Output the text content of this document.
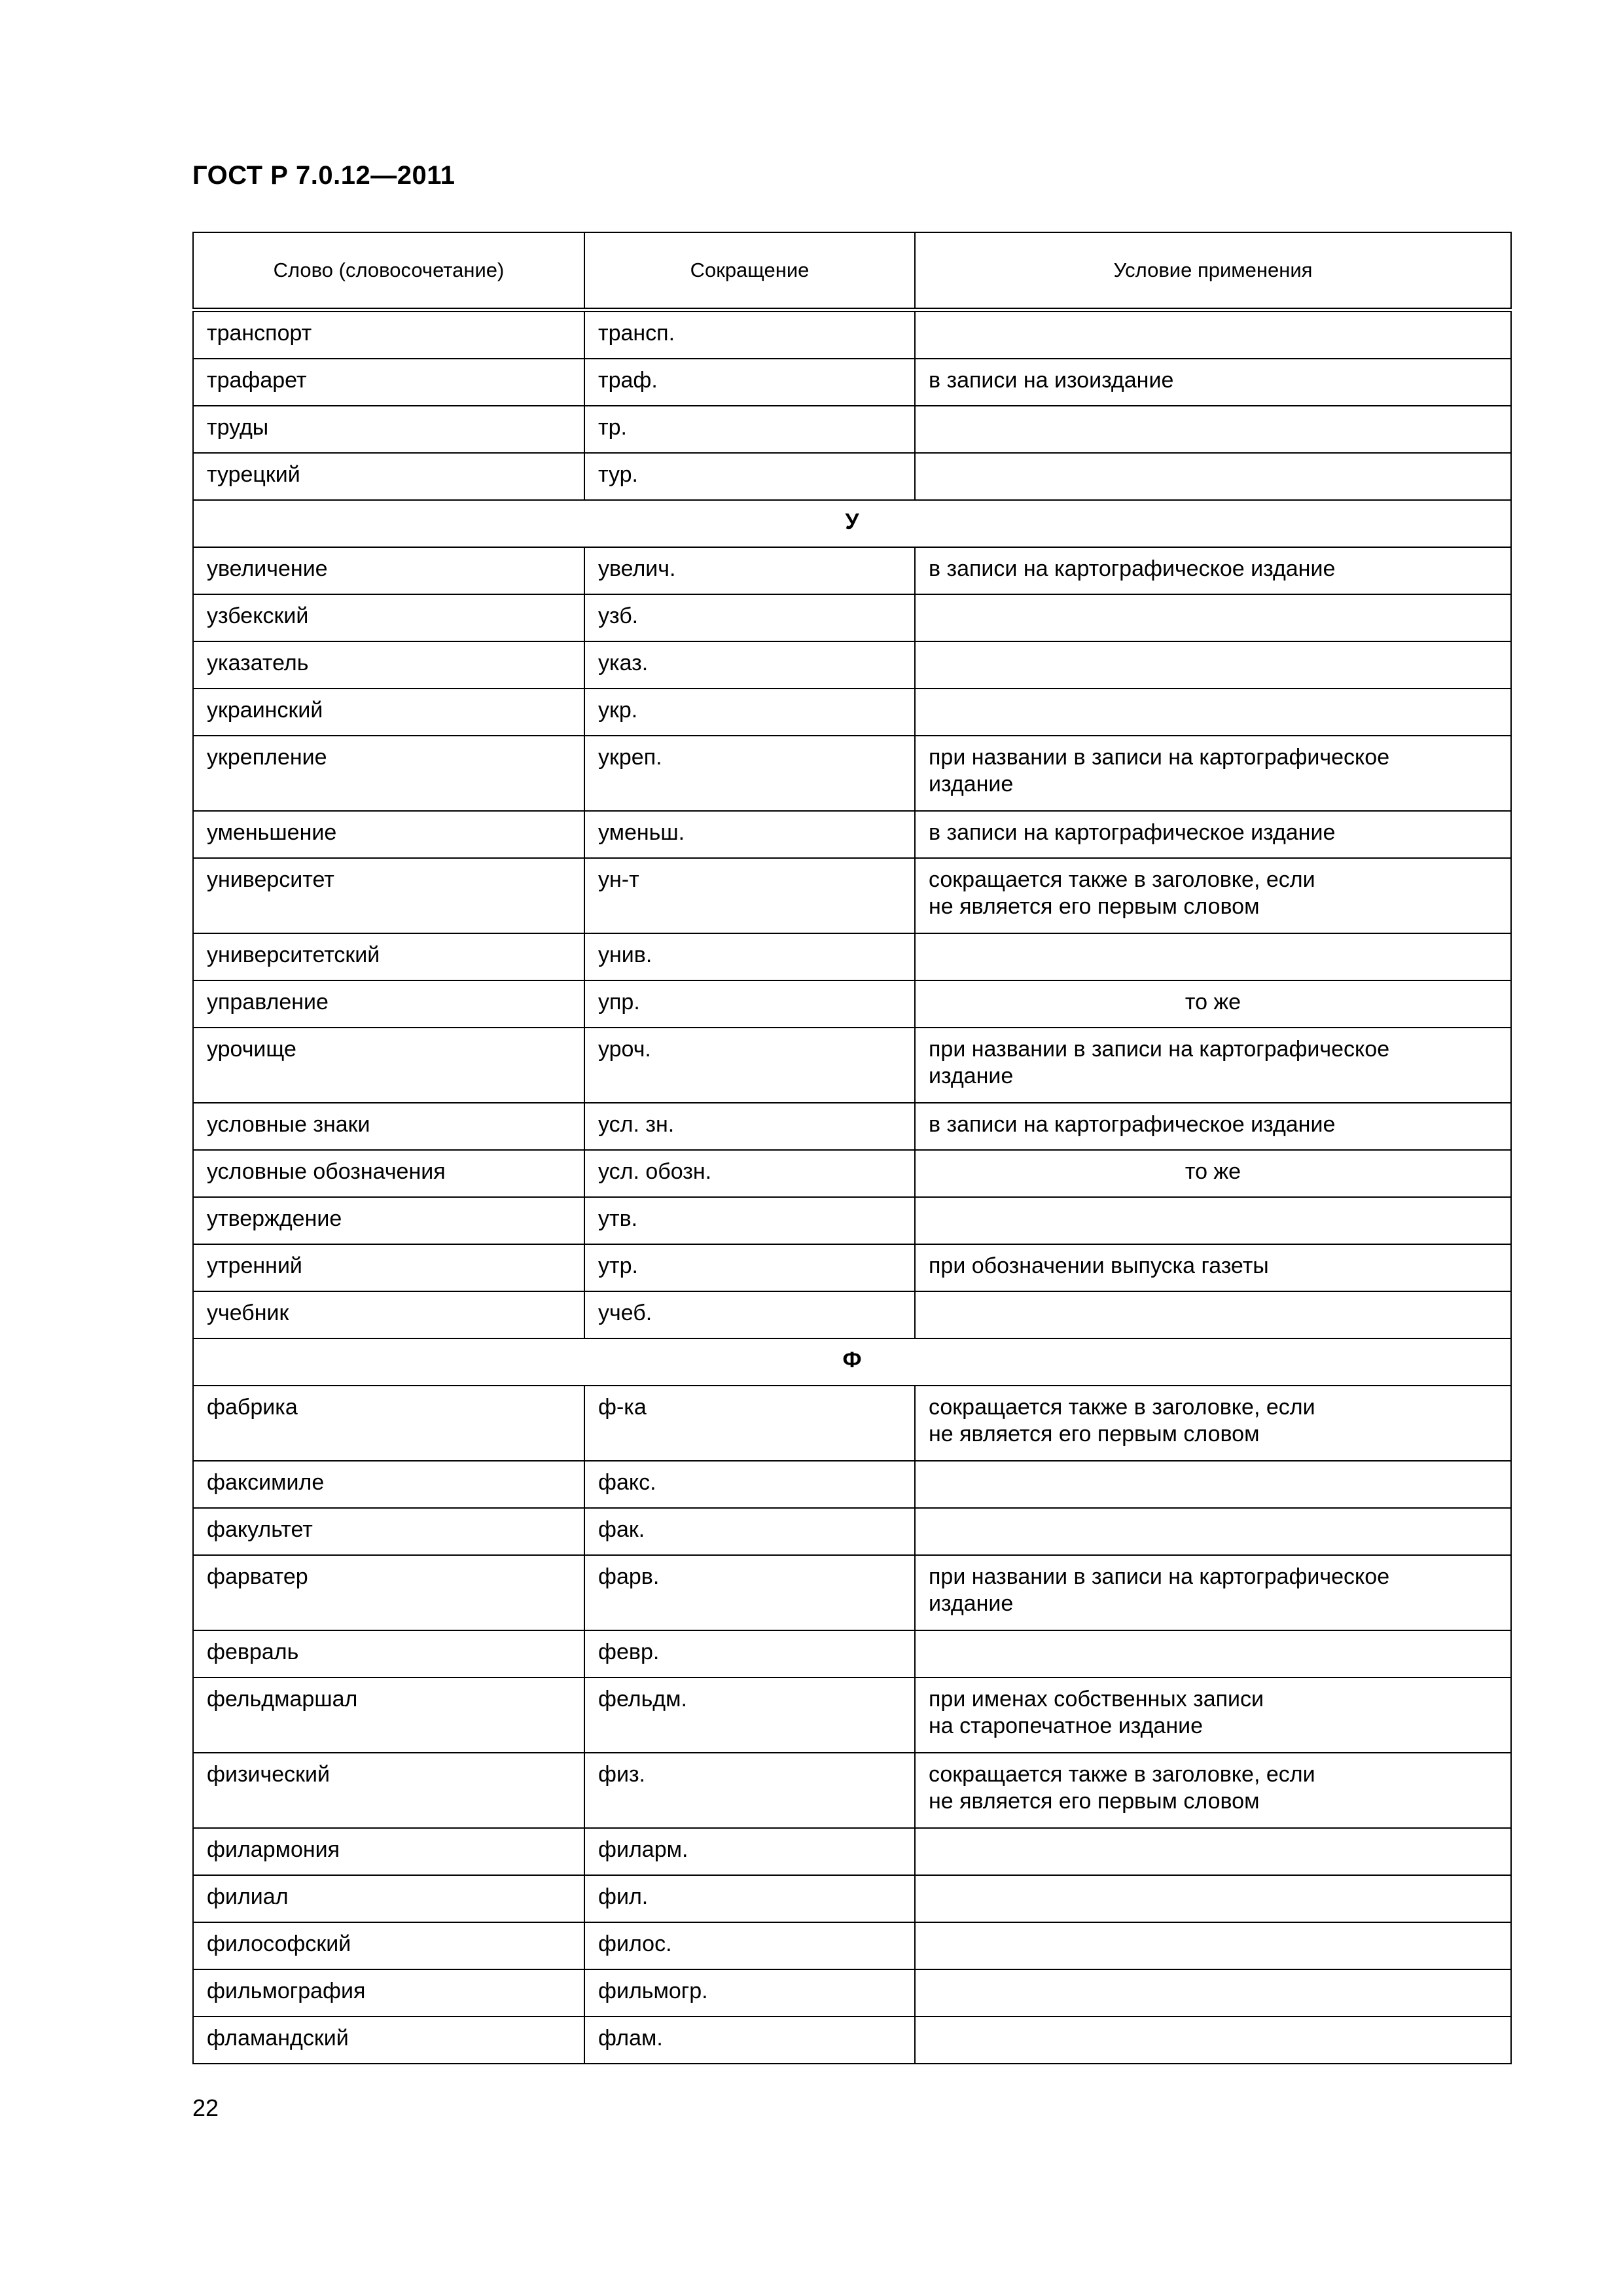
ГОСТ Р 7.0.12—2011
Слово (словосочетание)	Сокращение	Условие применения
транспорт	трансп.	
трафарет	траф.	в записи на изоиздание
труды	тр.	
турецкий	тур.	
У		
увеличение	увелич.	в записи на картографическое издание
узбекский	узб.	
указатель	указ.	
украинский	укр.	
укрепление	укреп.	при названии в записи на картографическое
издание

уменьшение	уменьш.	в записи на картографическое издание
университет	ун-т	сокращается также в заголовке, если
не является его первым словом

университетский	унив.	
управление	упр.	то же
урочище	уроч.	при названии в записи на картографическое
издание

условные знаки	усл. зн.	в записи на картографическое издание
условные обозначения	усл. обозн.	то же
утверждение	утв.	
утренний	утр.	при обозначении выпуска газеты
учебник	учеб.	
Ф		
фабрика	ф-ка	сокращается также в заголовке, если
не является его первым словом

факсимиле	факс.	
факультет	фак.	
фарватер	фарв.	при названии в записи на картографическое
издание

февраль	февр.	
фельдмаршал	фельдм.	при именах собственных записи
на старопечатное издание

физический	физ.	сокращается также в заголовке, если
не является его первым словом

филармония	филарм.	
филиал	фил.	
философский	филос.	
фильмография	фильмогр.	
фламандский	флам.	
22
